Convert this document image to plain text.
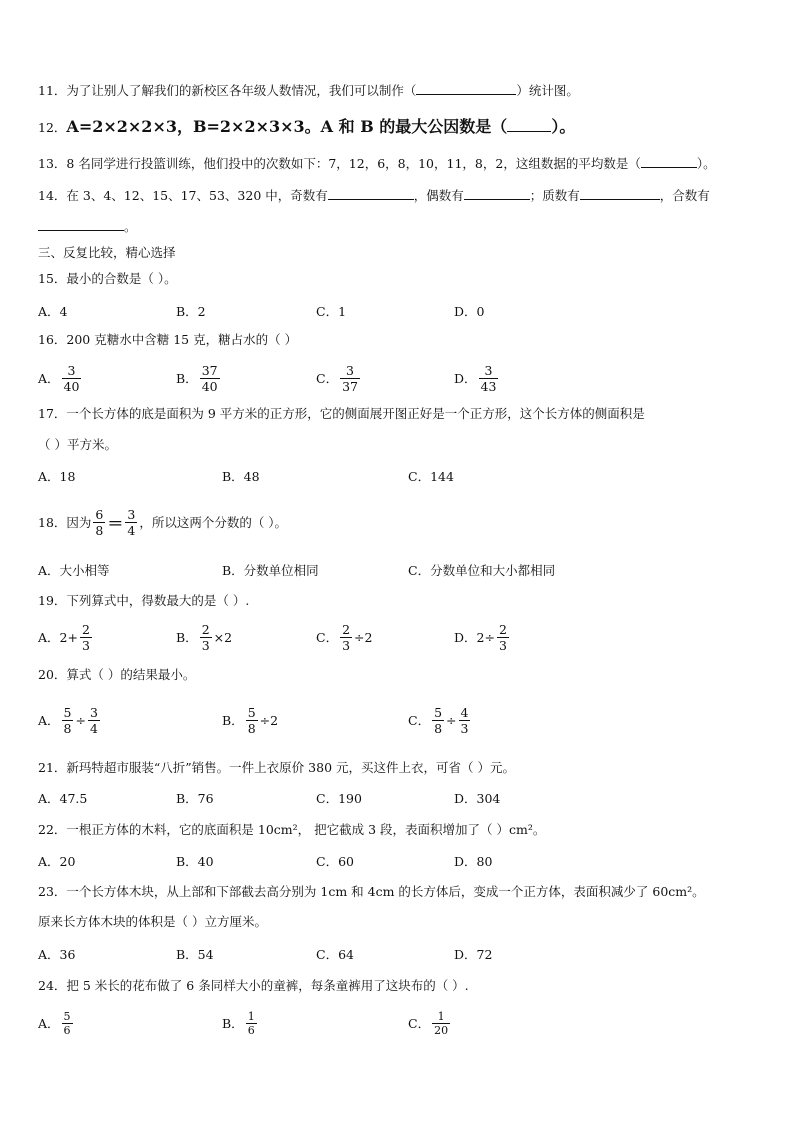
11．为了让别人了解我们的新校区各年级人数情况，我们可以制作（	）统计图。
12．A=2×2×2×3，B=2×2×3×3。A 和 B 的最大公因数是（	）。
13．8 名同学进行投篮训练，他们投中的次数如下：7，12，6，8，10，11，8，2，这组数据的平均数是（	）。
14．在 3、4、12、15、17、53、320 中，奇数有	，偶数有	；质数有	，合数有
。
三、反复比较，精心选择
15．最小的合数是（ ）。
A．4	B．2	C．1	D．0
16．200 克糖水中含糖 15 克，糖占水的（ ）
A． $\frac{3}{40}$	B． $\frac{37}{40}$	C． $\frac{3}{37}$	D． $\frac{3}{43}$
17．一个长方体的底是面积为 9 平方米的正方形，它的侧面展开图正好是一个正方形，这个长方体的侧面积是
（ ）平方米。
A．18	B．48	C．144
18．因为 $\frac{6}{8} = \frac{3}{4}$ ，所以这两个分数的（ ）。
A．大小相等	B．分数单位相同	C．分数单位和大小都相同
19．下列算式中，得数最大的是（ ）.
A． $2+ \frac{2}{3}$	B． $\frac{2}{3} \times 2$	C． $\frac{2}{3} \div 2$	D． $2\div \frac{2}{3}$
20．算式（ ）的结果最小。
A． $\frac{5}{8} \div \frac{3}{4}$	B． $\frac{5}{8} \div 2$	C． $\frac{5}{8} \div \frac{4}{3}$
21．新玛特超市服装“八折”销售。一件上衣原价 380 元，买这件上衣，可省（ ）元。
A．47.5	B．76	C．190	D．304
22．一根正方体的木料，它的底面积是 10cm²， 把它截成 3 段，表面积增加了（ ）cm²。
A．20	B．40	C．60	D．80
23．一个长方体木块，从上部和下部截去高分别为 1cm 和 4cm 的长方体后，变成一个正方体，表面积减少了 60cm²。
原来长方体木块的体积是（ ）立方厘米。
A．36	B．54	C．64	D．72
24．把 5 米长的花布做了 6 条同样大小的童裤，每条童裤用了这块布的（ ）.
A． $\frac{5}{6}$	B． $\frac{1}{6}$	C． $\frac{1}{20}$
